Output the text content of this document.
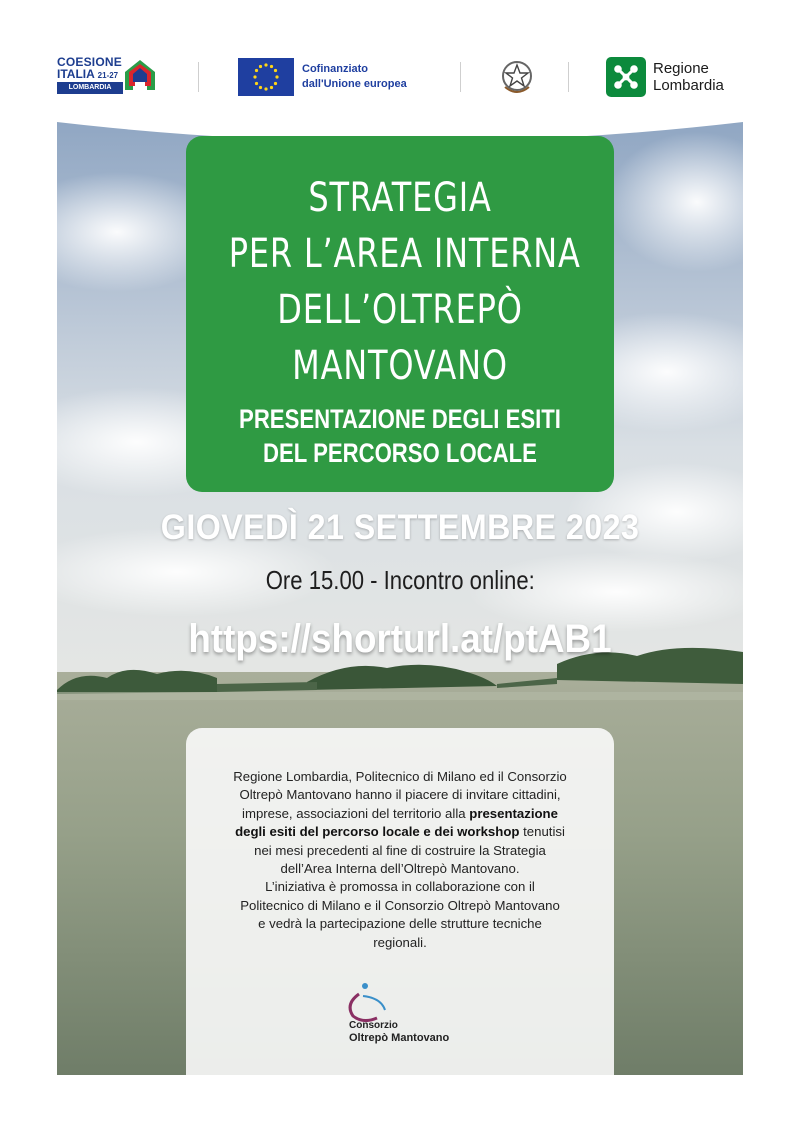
COESIONE
ITALIA 21-27
LOMBARDIA
Cofinanziato
dall'Unione europea
Regione
Lombardia
STRATEGIA
PER L’AREA INTERNA
DELL’OLTREPÒ
MANTOVANO
PRESENTAZIONE DEGLI ESITI
DEL PERCORSO LOCALE
GIOVEDÌ 21 SETTEMBRE 2023
Ore 15.00 - Incontro online:
https://shorturl.at/ptAB1
Regione Lombardia, Politecnico di Milano ed il Consorzio
Oltrepò Mantovano hanno il piacere di invitare cittadini,
imprese, associazioni del territorio alla presentazione
degli esiti del percorso locale e dei workshop tenutisi
nei mesi precedenti al fine di costruire la Strategia
dell’Area Interna dell’Oltrepò Mantovano.
L’iniziativa è promossa in collaborazione con il
Politecnico di Milano e il Consorzio Oltrepò Mantovano
e vedrà la partecipazione delle strutture tecniche
regionali.
Consorzio
Oltrepò Mantovano
